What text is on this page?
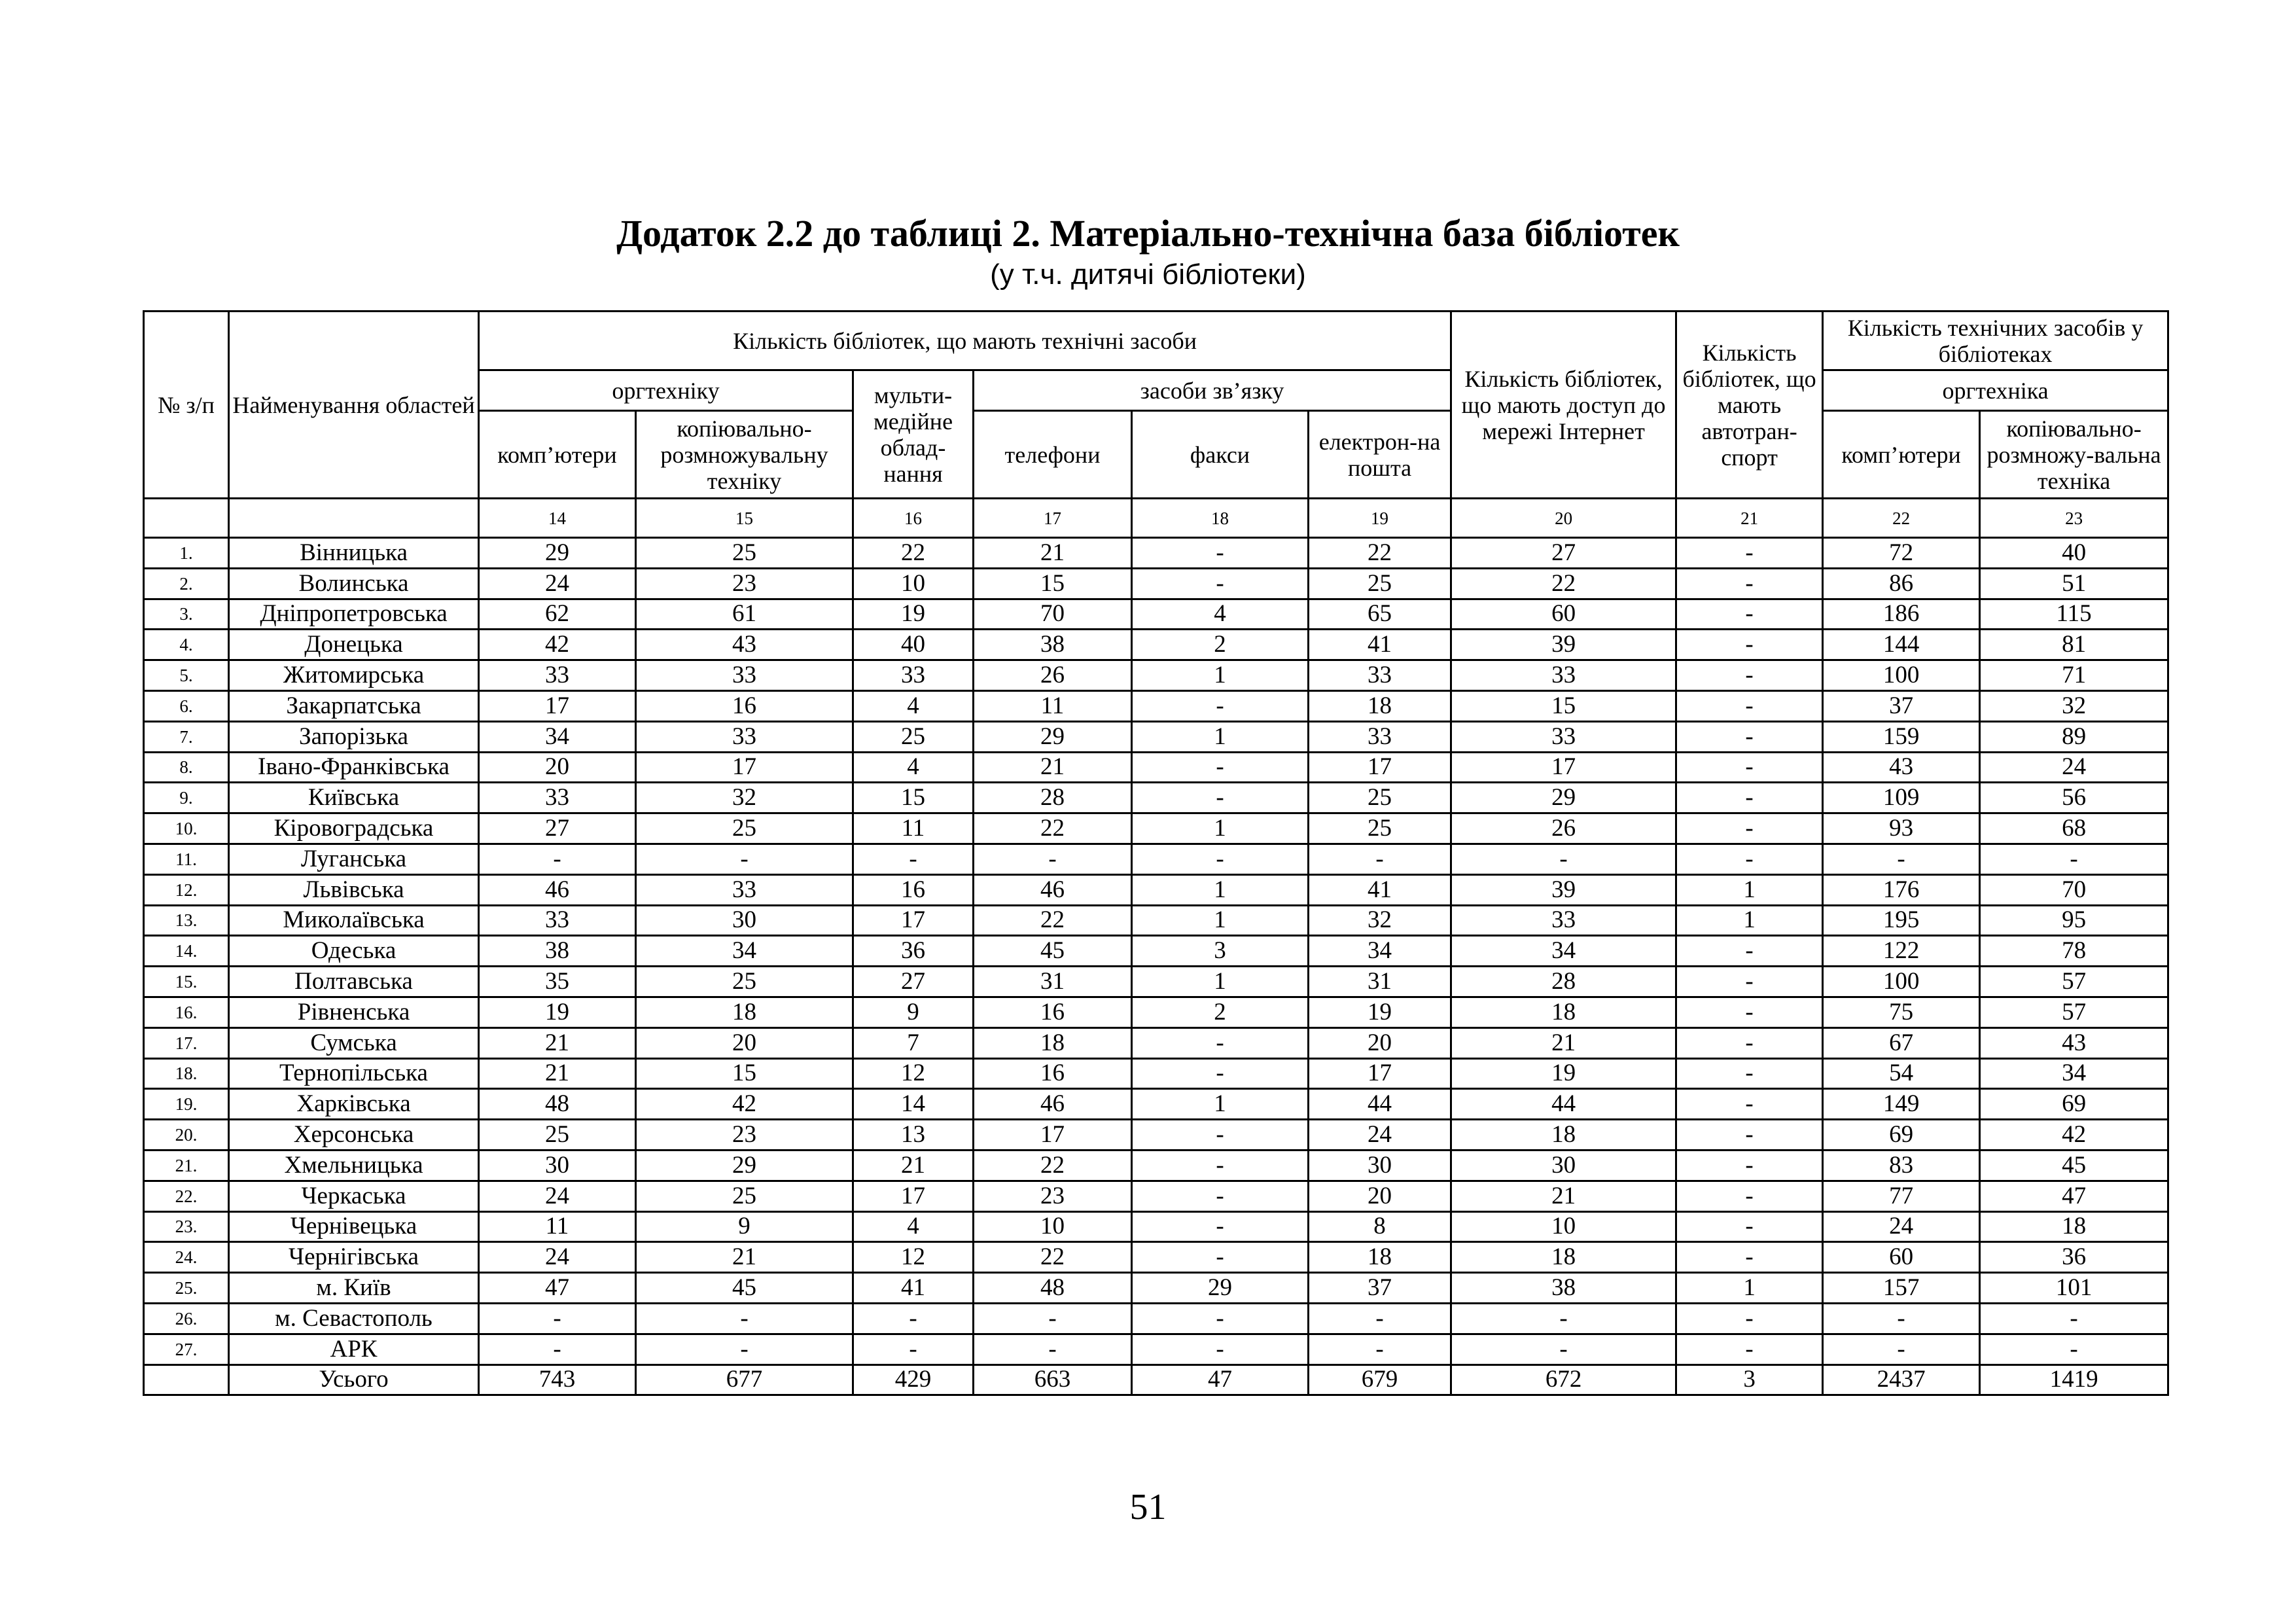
Додаток 2.2 до таблиці 2. Матеріально-технічна база бібліотек
(у т.ч. дитячі бібліотеки)
№ з/п	Найменування областей	Кількість бібліотек, що мають технічні засоби						Кількість бібліотек, що мають доступ до мережі Інтернет	Кількість бібліотек, що мають автотран-спорт	Кількість технічних засобів у бібліотеках	
		оргтехніку		мульти-медійне облад-нання	засоби зв’язку					оргтехніка	
		комп’ютери	копіювально-розмножувальну техніку		телефони	факси	електрон-на пошта			комп’ютери	копіювально-розмножу-вальна техніка
		14	15	16	17	18	19	20	21	22	23
1.	Вінницька	29	25	22	21	-	22	27	-	72	40
2.	Волинська	24	23	10	15	-	25	22	-	86	51
3.	Дніпропетровська	62	61	19	70	4	65	60	-	186	115
4.	Донецька	42	43	40	38	2	41	39	-	144	81
5.	Житомирська	33	33	33	26	1	33	33	-	100	71
6.	Закарпатська	17	16	4	11	-	18	15	-	37	32
7.	Запорізька	34	33	25	29	1	33	33	-	159	89
8.	Івано-Франківська	20	17	4	21	-	17	17	-	43	24
9.	Київська	33	32	15	28	-	25	29	-	109	56
10.	Кіровоградська	27	25	11	22	1	25	26	-	93	68
11.	Луганська	-	-	-	-	-	-	-	-	-	-
12.	Львівська	46	33	16	46	1	41	39	1	176	70
13.	Миколаївська	33	30	17	22	1	32	33	1	195	95
14.	Одеська	38	34	36	45	3	34	34	-	122	78
15.	Полтавська	35	25	27	31	1	31	28	-	100	57
16.	Рівненська	19	18	9	16	2	19	18	-	75	57
17.	Сумська	21	20	7	18	-	20	21	-	67	43
18.	Тернопільська	21	15	12	16	-	17	19	-	54	34
19.	Харківська	48	42	14	46	1	44	44	-	149	69
20.	Херсонська	25	23	13	17	-	24	18	-	69	42
21.	Хмельницька	30	29	21	22	-	30	30	-	83	45
22.	Черкаська	24	25	17	23	-	20	21	-	77	47
23.	Чернівецька	11	9	4	10	-	8	10	-	24	18
24.	Чернігівська	24	21	12	22	-	18	18	-	60	36
25.	м. Київ	47	45	41	48	29	37	38	1	157	101
26.	м. Севастополь	-	-	-	-	-	-	-	-	-	-
27.	АРК	-	-	-	-	-	-	-	-	-	-
	Усього	743	677	429	663	47	679	672	3	2437	1419
51
